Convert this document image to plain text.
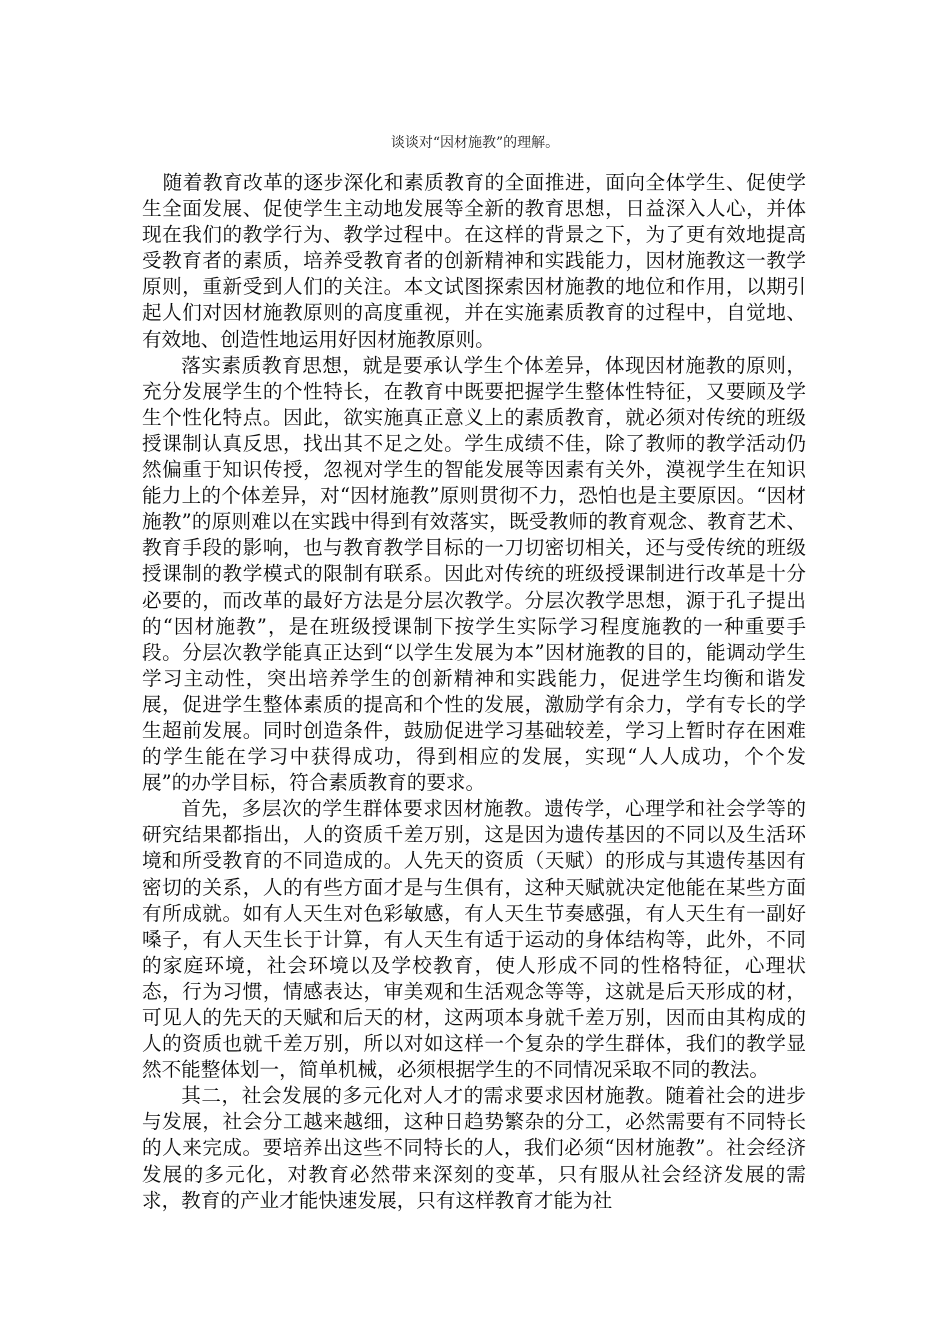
谈谈对“因材施教”的理解。

随着教育改革的逐步深化和素质教育的全面推进，面向全体学生、促使学生全面发展、促使学生主动地发展等全新的教育思想，日益深入人心，并体现在我们的教学行为、教学过程中。在这样的背景之下，为了更有效地提高受教育者的素质，培养受教育者的创新精神和实践能力，因材施教这一教学原则，重新受到人们的关注。本文试图探索因材施教的地位和作用，以期引起人们对因材施教原则的高度重视，并在实施素质教育的过程中，自觉地、有效地、创造性地运用好因材施教原则。

落实素质教育思想，就是要承认学生个体差异，体现因材施教的原则，充分发展学生的个性特长，在教育中既要把握学生整体性特征，又要顾及学生个性化特点。因此，欲实施真正意义上的素质教育，就必须对传统的班级授课制认真反思，找出其不足之处。学生成绩不佳，除了教师的教学活动仍然偏重于知识传授，忽视对学生的智能发展等因素有关外，漠视学生在知识能力上的个体差异，对“因材施教”原则贯彻不力，恐怕也是主要原因。“因材施教”的原则难以在实践中得到有效落实，既受教师的教育观念、教育艺术、教育手段的影响，也与教育教学目标的一刀切密切相关，还与受传统的班级授课制的教学模式的限制有联系。因此对传统的班级授课制进行改革是十分必要的，而改革的最好方法是分层次教学。分层次教学思想，源于孔子提出的“因材施教”，是在班级授课制下按学生实际学习程度施教的一种重要手段。分层次教学能真正达到“以学生发展为本”因材施教的目的，能调动学生学习主动性，突出培养学生的创新精神和实践能力，促进学生均衡和谐发展，促进学生整体素质的提高和个性的发展，激励学有余力，学有专长的学生超前发展。同时创造条件，鼓励促进学习基础较差，学习上暂时存在困难的学生能在学习中获得成功，得到相应的发展，实现“人人成功，个个发展”的办学目标，符合素质教育的要求。

首先，多层次的学生群体要求因材施教。遗传学，心理学和社会学等的研究结果都指出，人的资质千差万别，这是因为遗传基因的不同以及生活环境和所受教育的不同造成的。人先天的资质（天赋）的形成与其遗传基因有密切的关系，人的有些方面才是与生俱有，这种天赋就决定他能在某些方面有所成就。如有人天生对色彩敏感，有人天生节奏感强，有人天生有一副好嗓子，有人天生长于计算，有人天生有适于运动的身体结构等，此外，不同的家庭环境，社会环境以及学校教育，使人形成不同的性格特征，心理状态，行为习惯，情感表达，审美观和生活观念等等，这就是后天形成的材，可见人的先天的天赋和后天的材，这两项本身就千差万别，因而由其构成的人的资质也就千差万别，所以对如这样一个复杂的学生群体，我们的教学显然不能整体划一，简单机械，必须根据学生的不同情况采取不同的教法。

其二，社会发展的多元化对人才的需求要求因材施教。随着社会的进步与发展，社会分工越来越细，这种日趋势繁杂的分工，必然需要有不同特长的人来完成。要培养出这些不同特长的人，我们必须“因材施教”。社会经济发展的多元化，对教育必然带来深刻的变革，只有服从社会经济发展的需求，教育的产业才能快速发展，只有这样教育才能为社
